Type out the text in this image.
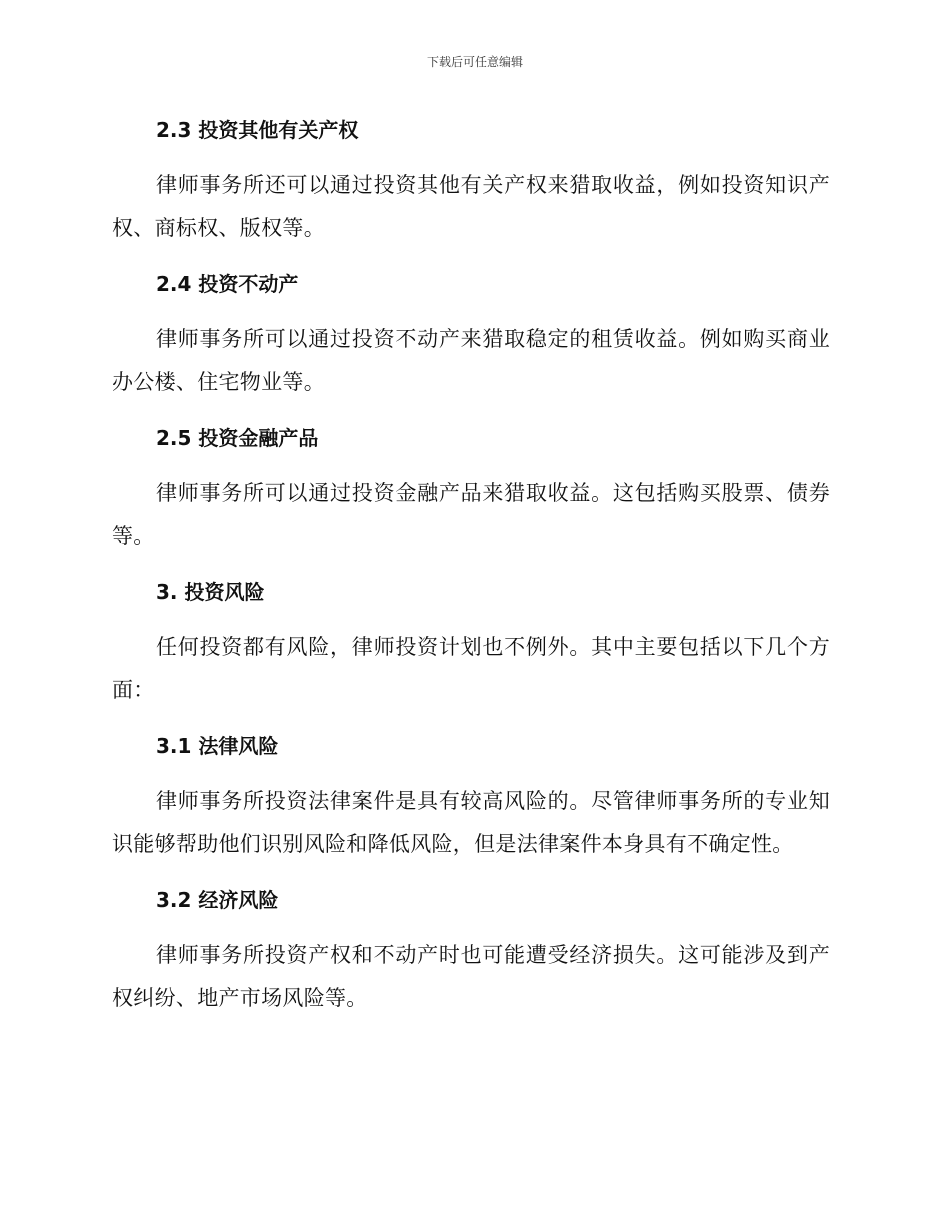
下载后可任意编辑
2.3 投资其他有关产权

律师事务所还可以通过投资其他有关产权来猎取收益，例如投资知识产权、商标权、版权等。

2.4 投资不动产

律师事务所可以通过投资不动产来猎取稳定的租赁收益。例如购买商业办公楼、住宅物业等。

2.5 投资金融产品

律师事务所可以通过投资金融产品来猎取收益。这包括购买股票、债券等。

3. 投资风险

任何投资都有风险，律师投资计划也不例外。其中主要包括以下几个方面：

3.1 法律风险

律师事务所投资法律案件是具有较高风险的。尽管律师事务所的专业知识能够帮助他们识别风险和降低风险，但是法律案件本身具有不确定性。

3.2 经济风险

律师事务所投资产权和不动产时也可能遭受经济损失。这可能涉及到产权纠纷、地产市场风险等。
